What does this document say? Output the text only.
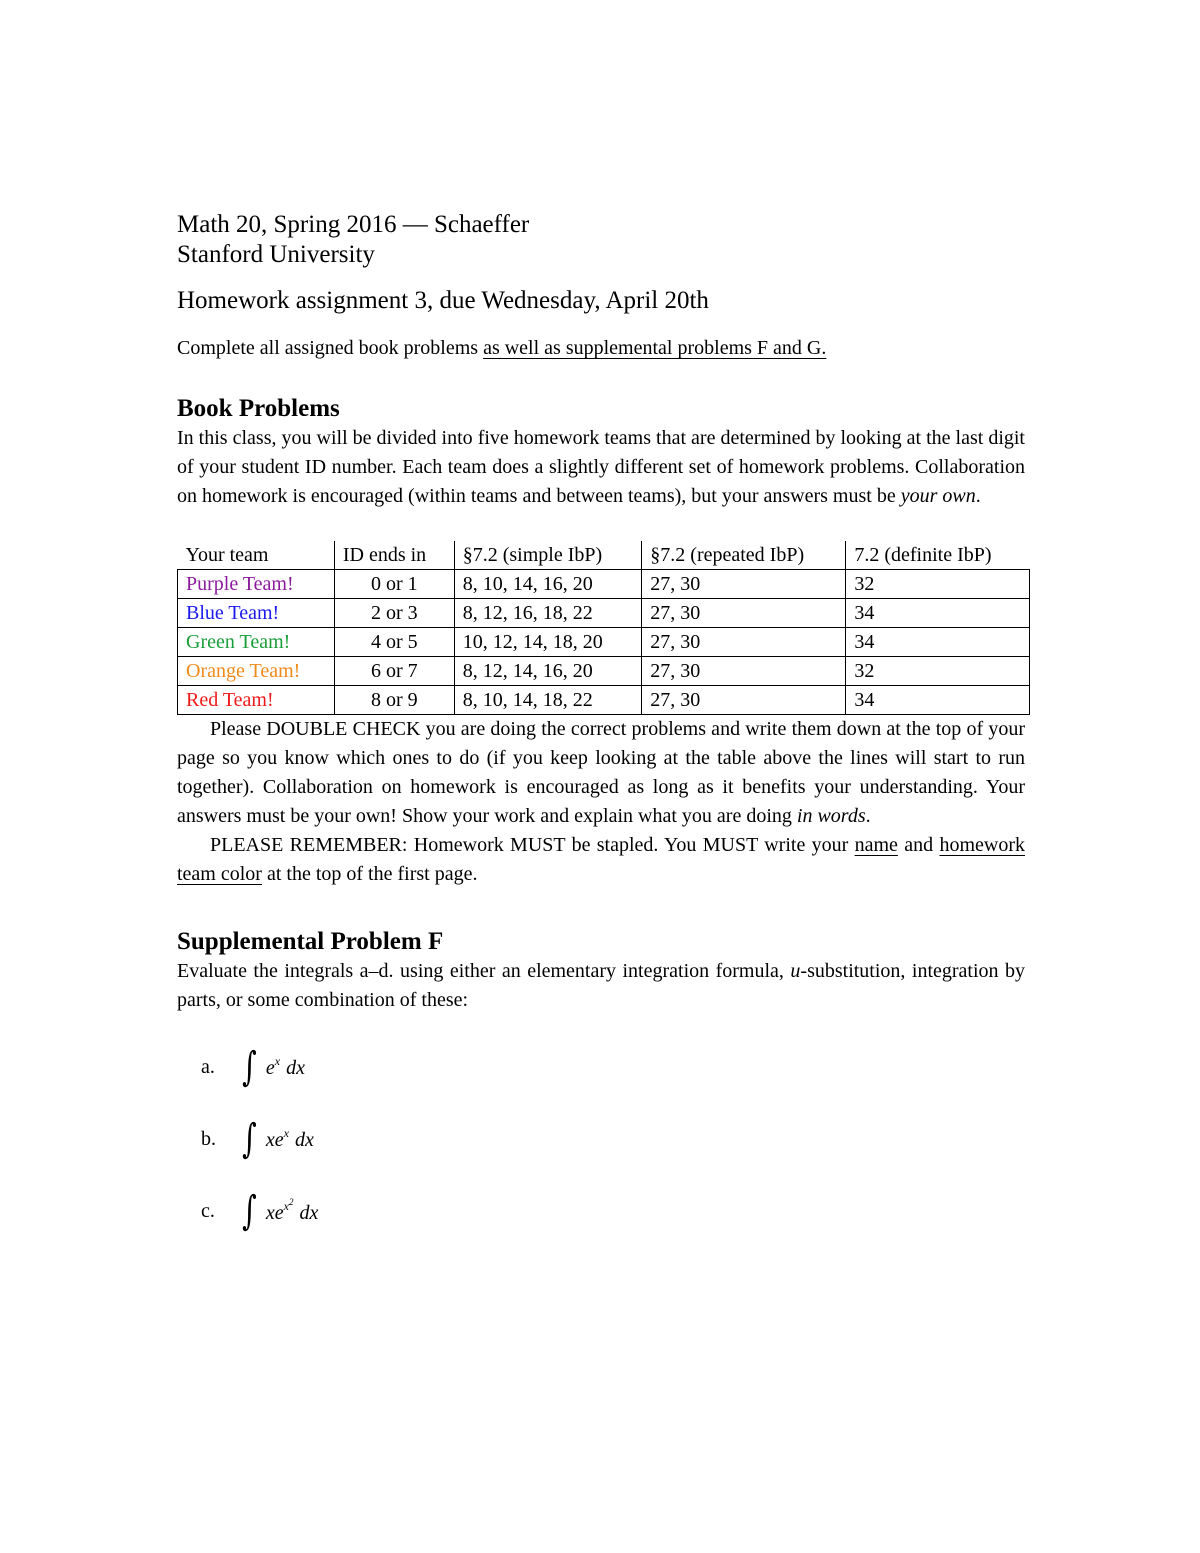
Math 20, Spring 2016 — Schaeffer

Stanford University

Homework assignment 3, due Wednesday, April 20th

Complete all assigned book problems as well as supplemental problems F and G.

Book Problems

In this class, you will be divided into five homework teams that are determined by looking at the last digit of your student ID number. Each team does a slightly different set of homework problems. Collaboration on homework is encouraged (within teams and between teams), but your answers must be your own.

Your team	ID ends in	§7.2 (simple IbP)	§7.2 (repeated IbP)	7.2 (definite IbP)
Purple Team!	0 or 1	8, 10, 14, 16, 20	27, 30	32
Blue Team!	2 or 3	8, 12, 16, 18, 22	27, 30	34
Green Team!	4 or 5	10, 12, 14, 18, 20	27, 30	34
Orange Team!	6 or 7	8, 12, 14, 16, 20	27, 30	32
Red Team!	8 or 9	8, 10, 14, 18, 22	27, 30	34

Please DOUBLE CHECK you are doing the correct problems and write them down at the top of your page so you know which ones to do (if you keep looking at the table above the lines will start to run together). Collaboration on homework is encouraged as long as it benefits your understanding. Your answers must be your own! Show your work and explain what you are doing in words.

PLEASE REMEMBER: Homework MUST be stapled. You MUST write your name and homework team color at the top of the first page.

Supplemental Problem F

Evaluate the integrals a–d. using either an elementary integration formula, u-substitution, integration by parts, or some combination of these:

a. ∫ $e^x$ dx
b. ∫ $xe^x$ dx
c. ∫ $xe^{x^2}$ dx
